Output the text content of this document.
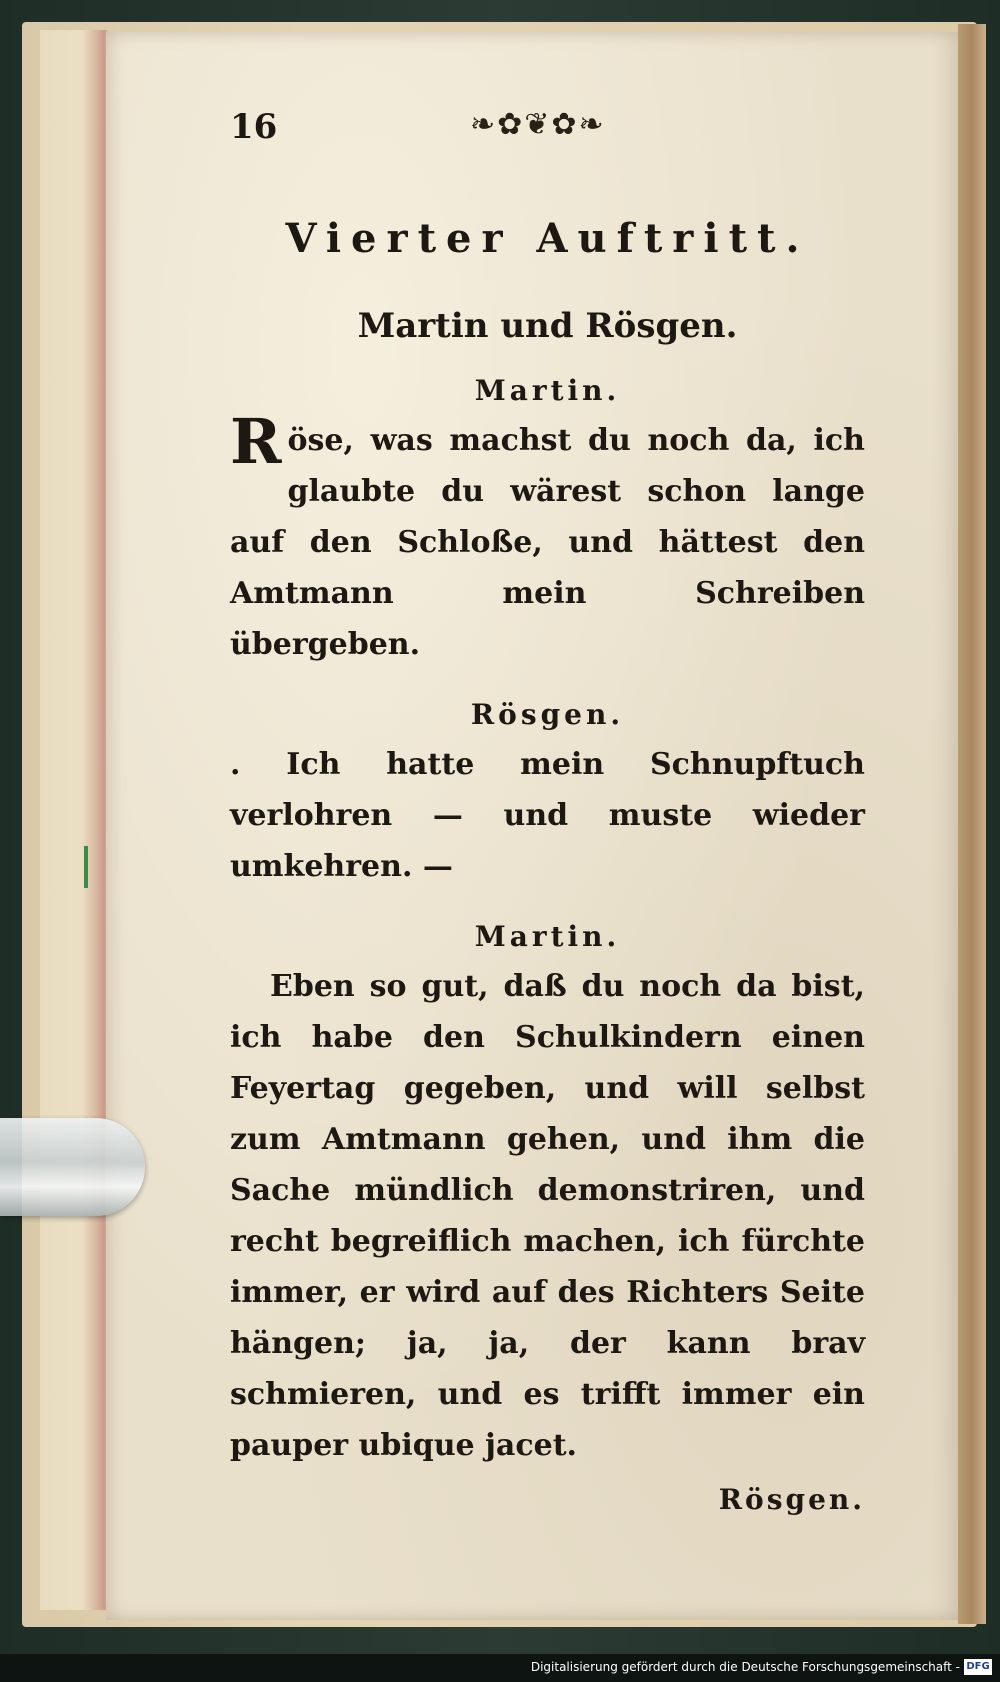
16	❧✿❦✿❧
Vierter Auftritt.
Martin und Rösgen.
Martin.
R öse, was machst du noch da, ich glaubte du wärest schon lange auf den Schloße, und hättest den Amtmann mein Schreiben übergeben.
Rösgen.
. Ich hatte mein Schnupftuch verlohren — und muste wieder umkehren. —
Martin.
Eben so gut, daß du noch da bist, ich habe den Schulkindern einen Feyertag gegeben, und will selbst zum Amtmann gehen, und ihm die Sache mündlich demonstriren, und recht begreiflich machen, ich fürchte immer, er wird auf des Richters Seite hängen; ja, ja, der kann brav schmieren, und es trifft immer ein pauper ubique jacet.
Rösgen.
Digitalisierung gefördert durch die Deutsche Forschungsgemeinschaft - DFG
